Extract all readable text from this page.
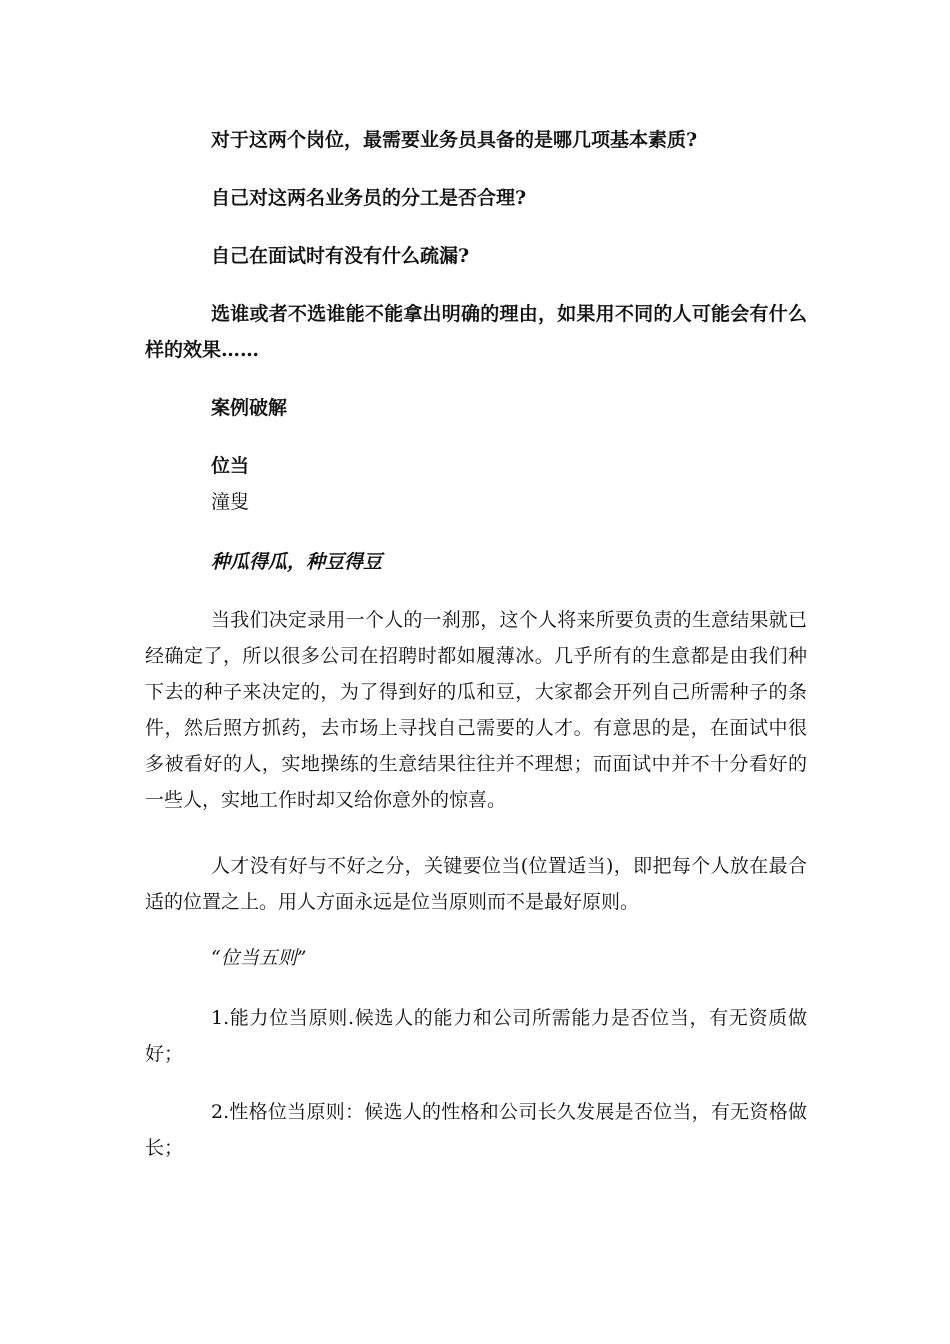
对于这两个岗位，最需要业务员具备的是哪几项基本素质?

自己对这两名业务员的分工是否合理?

自己在面试时有没有什么疏漏?

选谁或者不选谁能不能拿出明确的理由，如果用不同的人可能会有什么样的效果……

案例破解

位当

潼叟

种瓜得瓜，种豆得豆

当我们决定录用一个人的一刹那，这个人将来所要负责的生意结果就已经确定了，所以很多公司在招聘时都如履薄冰。几乎所有的生意都是由我们种下去的种子来决定的，为了得到好的瓜和豆，大家都会开列自己所需种子的条件，然后照方抓药，去市场上寻找自己需要的人才。有意思的是，在面试中很多被看好的人，实地操练的生意结果往往并不理想；而面试中并不十分看好的一些人，实地工作时却又给你意外的惊喜。

人才没有好与不好之分，关键要位当(位置适当)，即把每个人放在最合适的位置之上。用人方面永远是位当原则而不是最好原则。

“位当五则”

1.能力位当原则.候选人的能力和公司所需能力是否位当，有无资质做好；

2.性格位当原则：候选人的性格和公司长久发展是否位当，有无资格做长；
